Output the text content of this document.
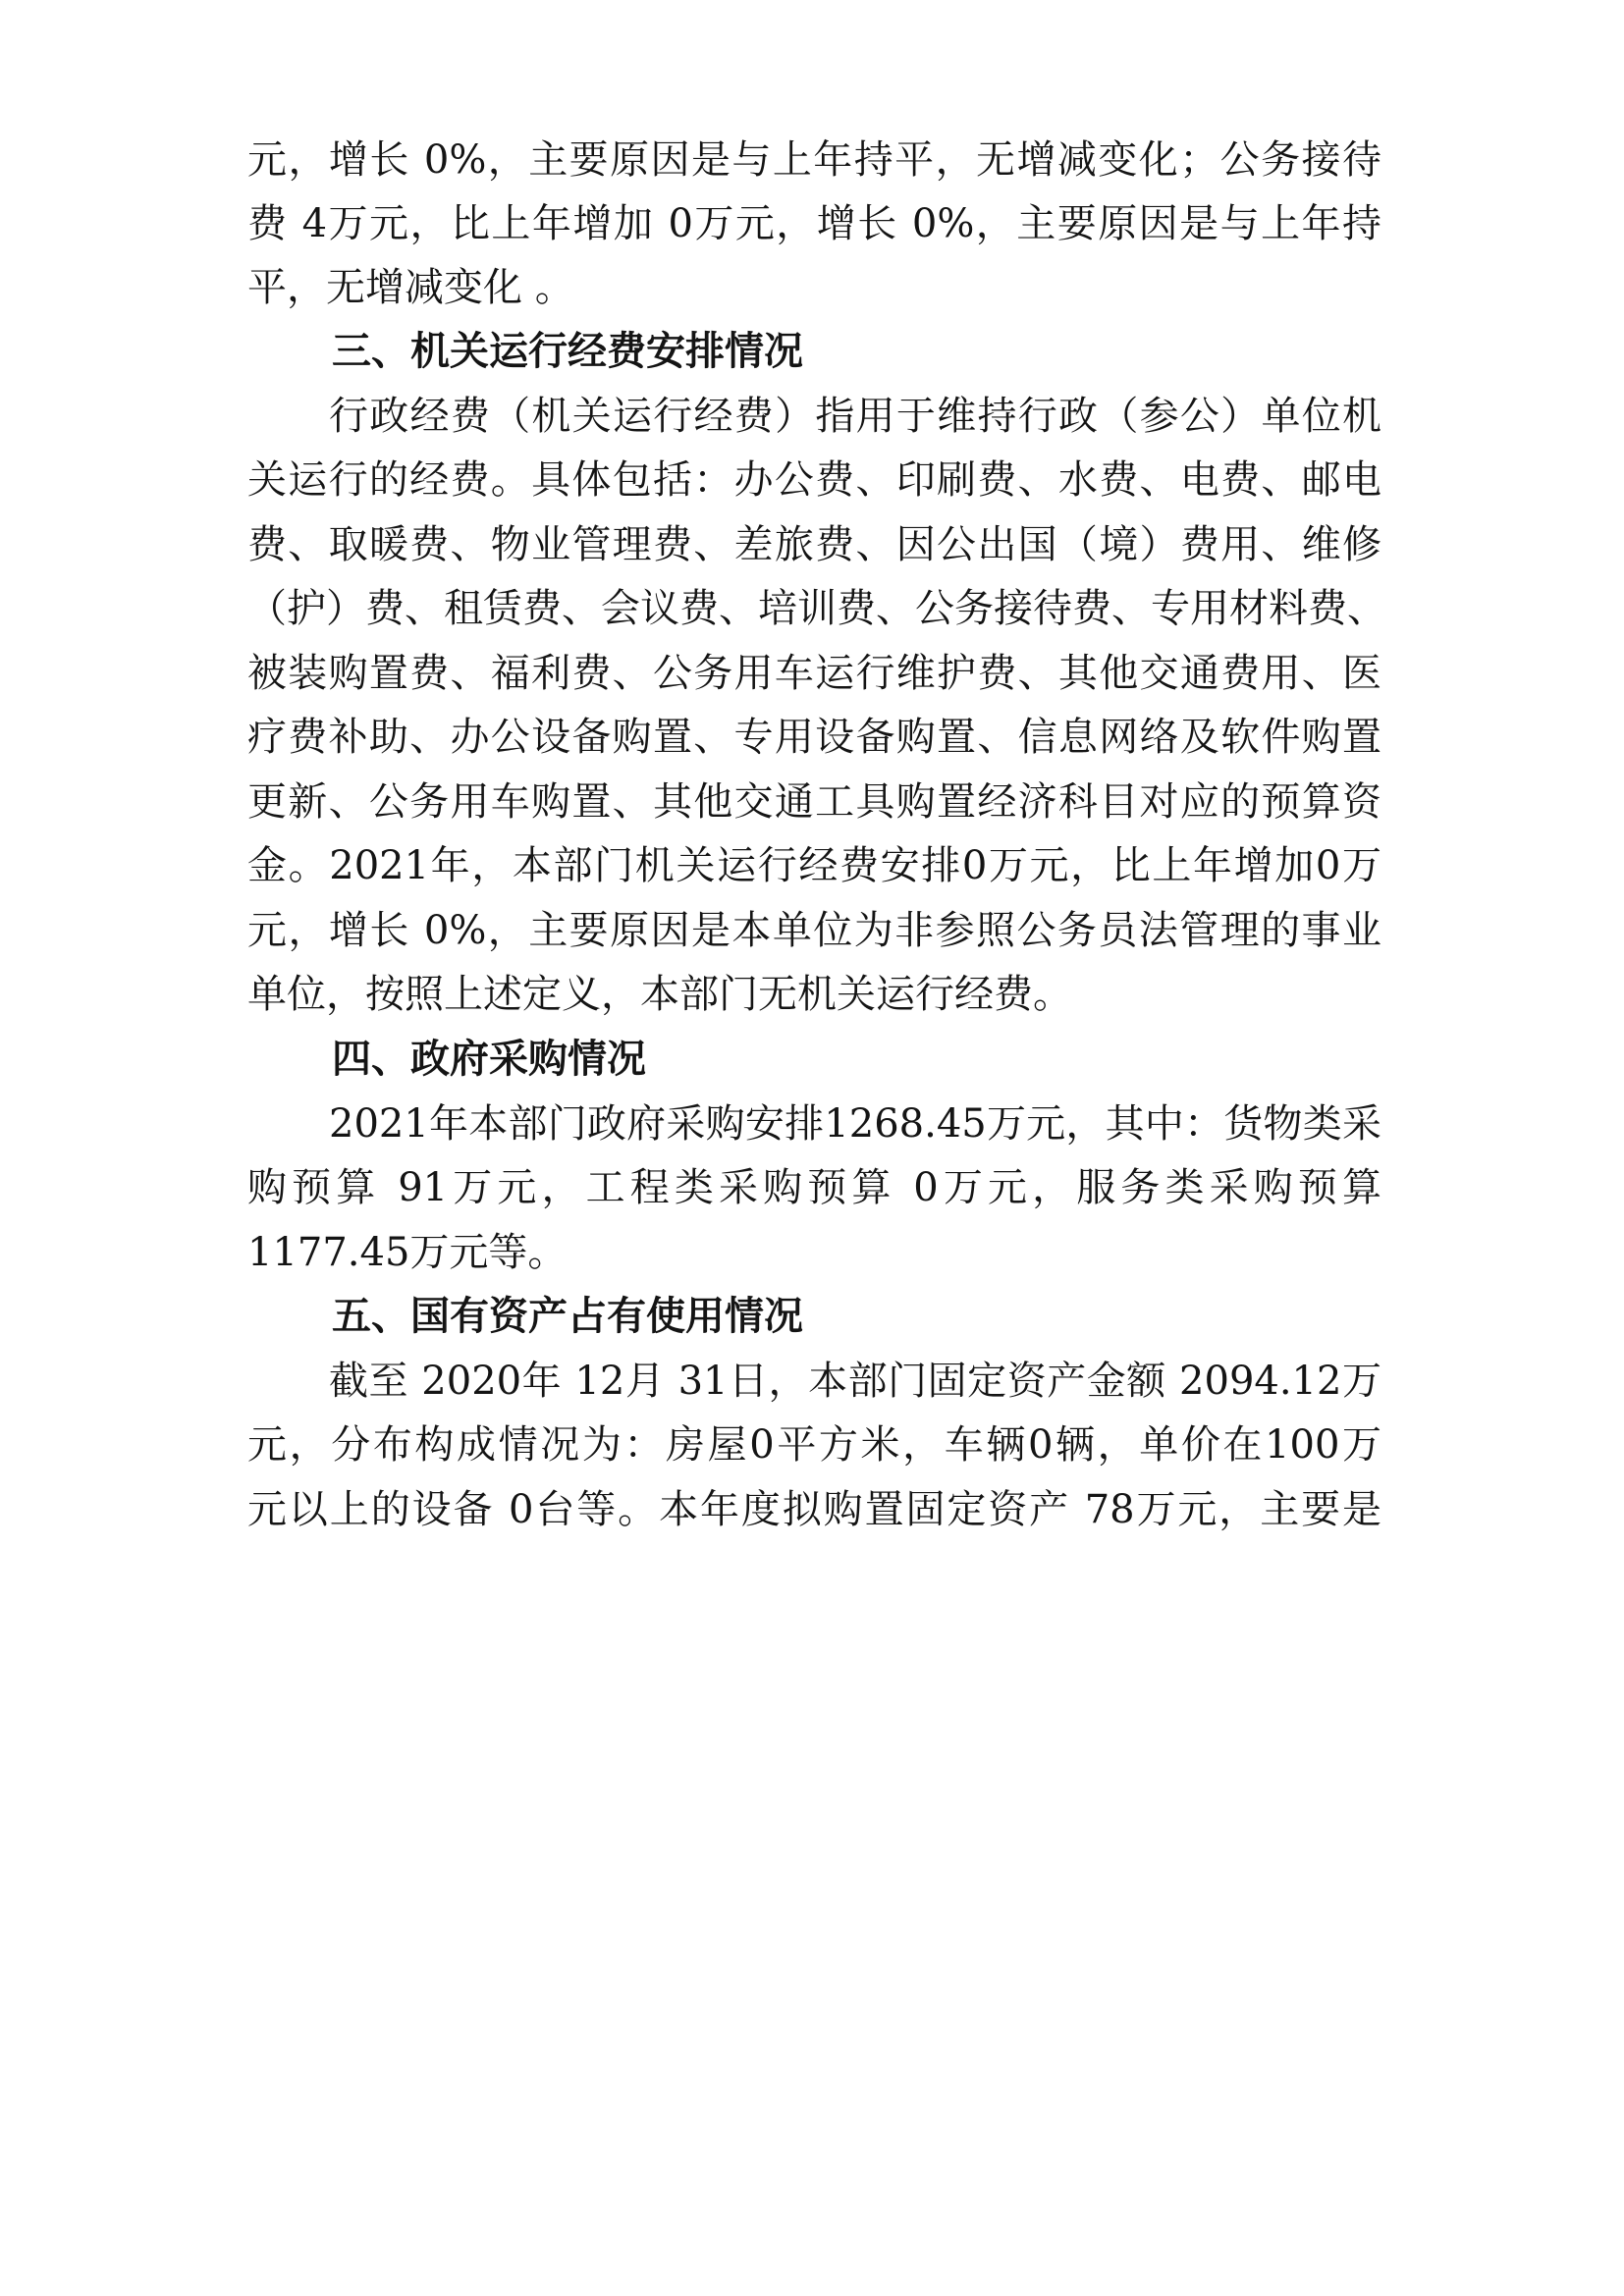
元，增长 0%，主要原因是与上年持平，无增减变化；公务接待
费 4万元，比上年增加 0万元，增长 0%，主要原因是与上年持
平，无增减变化 。
三、机关运行经费安排情况
行政经费（机关运行经费）指用于维持行政（参公）单位机
关运行的经费。具体包括：办公费、印刷费、水费、电费、邮电
费、取暖费、物业管理费、差旅费、因公出国（境）费用、维修
（护）费、租赁费、会议费、培训费、公务接待费、专用材料费、
被装购置费、福利费、公务用车运行维护费、其他交通费用、医
疗费补助、办公设备购置、专用设备购置、信息网络及软件购置
更新、公务用车购置、其他交通工具购置经济科目对应的预算资
金。2021年，本部门机关运行经费安排0万元，比上年增加0万
元，增长 0%，主要原因是本单位为非参照公务员法管理的事业
单位，按照上述定义，本部门无机关运行经费。
四、政府采购情况
2021年本部门政府采购安排1268.45万元，其中：货物类采
购预算 91万元，工程类采购预算 0万元，服务类采购预算
1177.45万元等。
五、国有资产占有使用情况
截至 2020年 12月 31日，本部门固定资产金额 2094.12万
元，分布构成情况为：房屋0平方米，车辆0辆，单价在100万
元以上的设备 0台等。本年度拟购置固定资产 78万元，主要是
